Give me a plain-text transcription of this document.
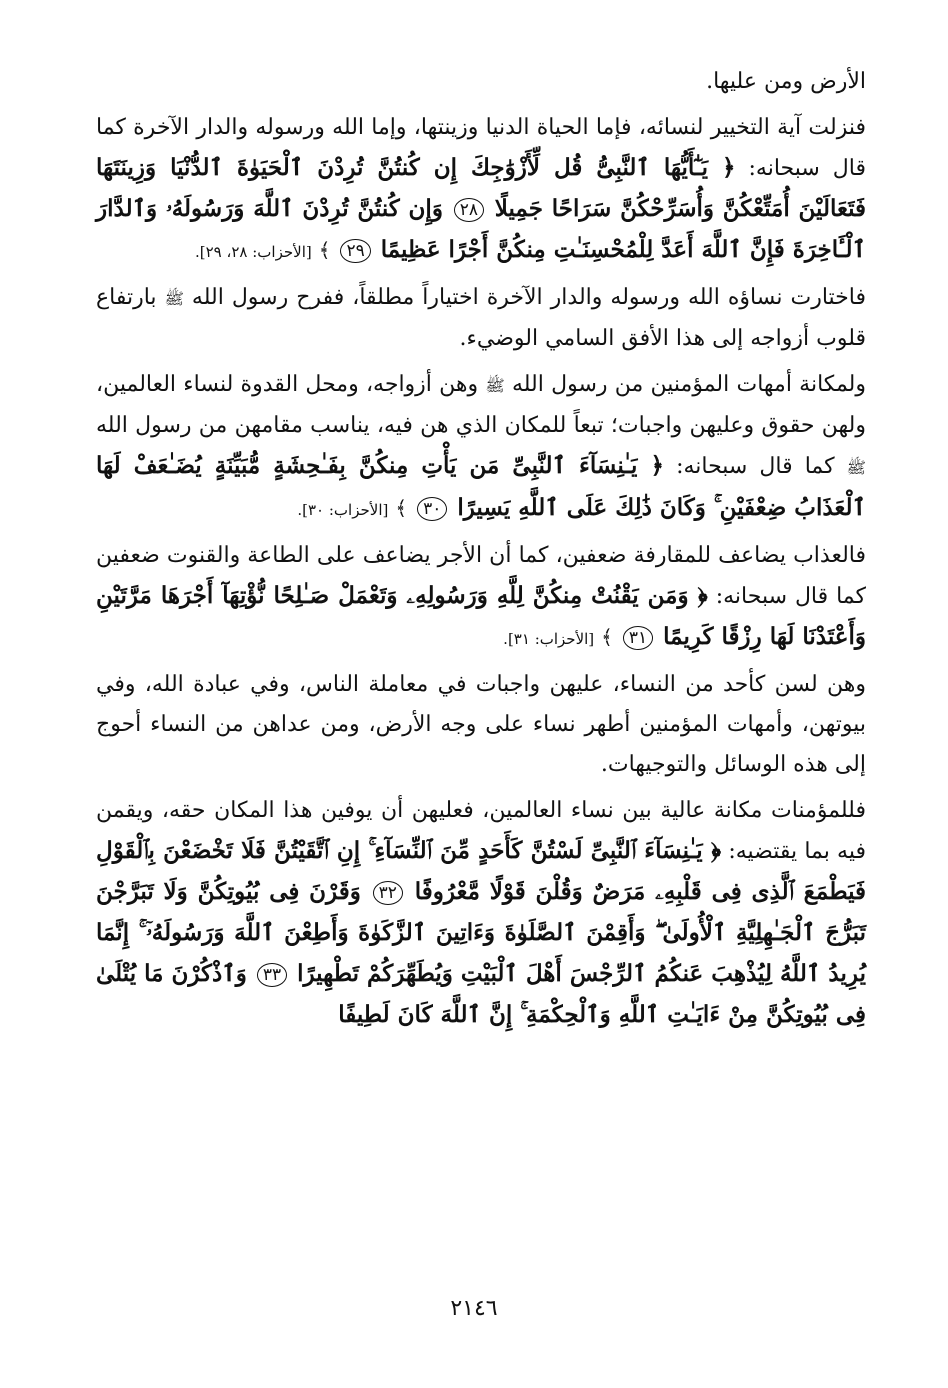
الأرض ومن عليها.

فنزلت آية التخيير لنسائه، فإما الحياة الدنيا وزينتها، وإما الله ورسوله والدار الآخرة كما قال سبحانه: ﴿ يَـٰٓأَيُّهَا ٱلنَّبِىُّ قُل لِّأَزْوَٰجِكَ إِن كُنتُنَّ تُرِدْنَ ٱلْحَيَوٰةَ ٱلدُّنْيَا وَزِينَتَهَا فَتَعَالَيْنَ أُمَتِّعْكُنَّ وَأُسَرِّحْكُنَّ سَرَاحًا جَمِيلًا ٢٨ وَإِن كُنتُنَّ تُرِدْنَ ٱللَّهَ وَرَسُولَهُۥ وَٱلدَّارَ ٱلْـَٔاخِرَةَ فَإِنَّ ٱللَّهَ أَعَدَّ لِلْمُحْسِنَـٰتِ مِنكُنَّ أَجْرًا عَظِيمًا ٢٩ ﴾ [الأحزاب: ٢٨، ٢٩].

فاختارت نساؤه الله ورسوله والدار الآخرة اختياراً مطلقاً، ففرح رسول الله ﷺ بارتفاع قلوب أزواجه إلى هذا الأفق السامي الوضيء.

ولمكانة أمهات المؤمنين من رسول الله ﷺ وهن أزواجه، ومحل القدوة لنساء العالمين، ولهن حقوق وعليهن واجبات؛ تبعاً للمكان الذي هن فيه، يناسب مقامهن من رسول الله ﷺ كما قال سبحانه: ﴿ يَـٰنِسَآءَ ٱلنَّبِىِّ مَن يَأْتِ مِنكُنَّ بِفَـٰحِشَةٍ مُّبَيِّنَةٍ يُضَـٰعَفْ لَهَا ٱلْعَذَابُ ضِعْفَيْنِ ۚ وَكَانَ ذَٰلِكَ عَلَى ٱللَّهِ يَسِيرًا ٣٠ ﴾ [الأحزاب: ٣٠].

فالعذاب يضاعف للمقارفة ضعفين، كما أن الأجر يضاعف على الطاعة والقنوت ضعفين كما قال سبحانه: ﴿ وَمَن يَقْنُتْ مِنكُنَّ لِلَّهِ وَرَسُولِهِۦ وَتَعْمَلْ صَـٰلِحًا نُّؤْتِهَآ أَجْرَهَا مَرَّتَيْنِ وَأَعْتَدْنَا لَهَا رِزْقًا كَرِيمًا ٣١ ﴾ [الأحزاب: ٣١].

وهن لسن كأحد من النساء، عليهن واجبات في معاملة الناس، وفي عبادة الله، وفي بيوتهن، وأمهات المؤمنين أطهر نساء على وجه الأرض، ومن عداهن من النساء أحوج إلى هذه الوسائل والتوجيهات.

فللمؤمنات مكانة عالية بين نساء العالمين، فعليهن أن يوفين هذا المكان حقه، ويقمن فيه بما يقتضيه: ﴿ يَـٰنِسَآءَ ٱلنَّبِىِّ لَسْتُنَّ كَأَحَدٍ مِّنَ ٱلنِّسَآءِ ۚ إِنِ ٱتَّقَيْتُنَّ فَلَا تَخْضَعْنَ بِٱلْقَوْلِ فَيَطْمَعَ ٱلَّذِى فِى قَلْبِهِۦ مَرَضٌ وَقُلْنَ قَوْلًا مَّعْرُوفًا ٣٢ وَقَرْنَ فِى بُيُوتِكُنَّ وَلَا تَبَرَّجْنَ تَبَرُّجَ ٱلْجَـٰهِلِيَّةِ ٱلْأُولَىٰ ۖ وَأَقِمْنَ ٱلصَّلَوٰةَ وَءَاتِينَ ٱلزَّكَوٰةَ وَأَطِعْنَ ٱللَّهَ وَرَسُولَهُۥٓ ۚ إِنَّمَا يُرِيدُ ٱللَّهُ لِيُذْهِبَ عَنكُمُ ٱلرِّجْسَ أَهْلَ ٱلْبَيْتِ وَيُطَهِّرَكُمْ تَطْهِيرًا ٣٣ وَٱذْكُرْنَ مَا يُتْلَىٰ فِى بُيُوتِكُنَّ مِنْ ءَايَـٰتِ ٱللَّهِ وَٱلْحِكْمَةِ ۚ إِنَّ ٱللَّهَ كَانَ لَطِيفًا

٢١٤٦
